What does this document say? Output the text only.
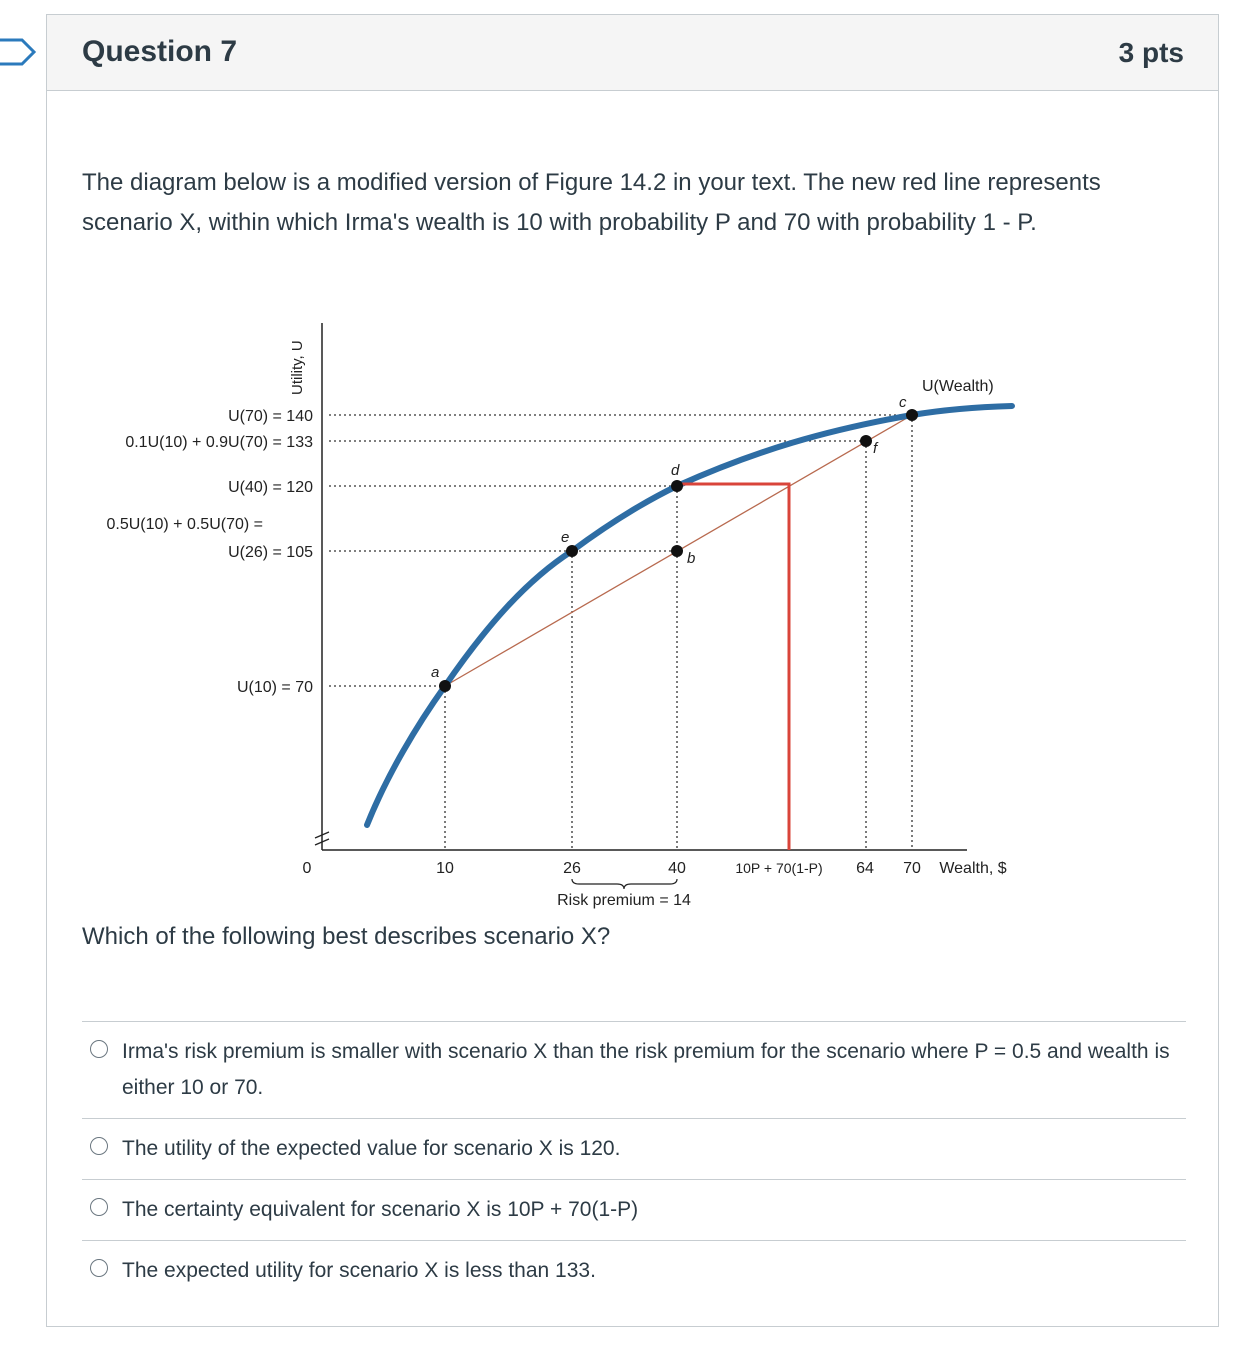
Question 7	3 pts
The diagram below is a modified version of Figure 14.2 in your text. The new red line represents scenario X, within which Irma's wealth is 10 with probability P and 70 with probability 1 - P.
Utility, U
a
e
d
b
f
c
U(Wealth)
U(70) = 140
0.1U(10) + 0.9U(70) = 133
U(40) = 120
0.5U(10) + 0.5U(70) =
U(26) = 105
U(10) = 70
0	10	26	40	10P + 70(1-P) 64 70 Wealth, $
Risk premium = 14
Which of the following best describes scenario X?
Irma's risk premium is smaller with scenario X than the risk premium for the scenario where P = 0.5 and wealth is either 10 or 70.
The utility of the expected value for scenario X is 120.
The certainty equivalent for scenario X is 10P + 70(1-P)
The expected utility for scenario X is less than 133.
